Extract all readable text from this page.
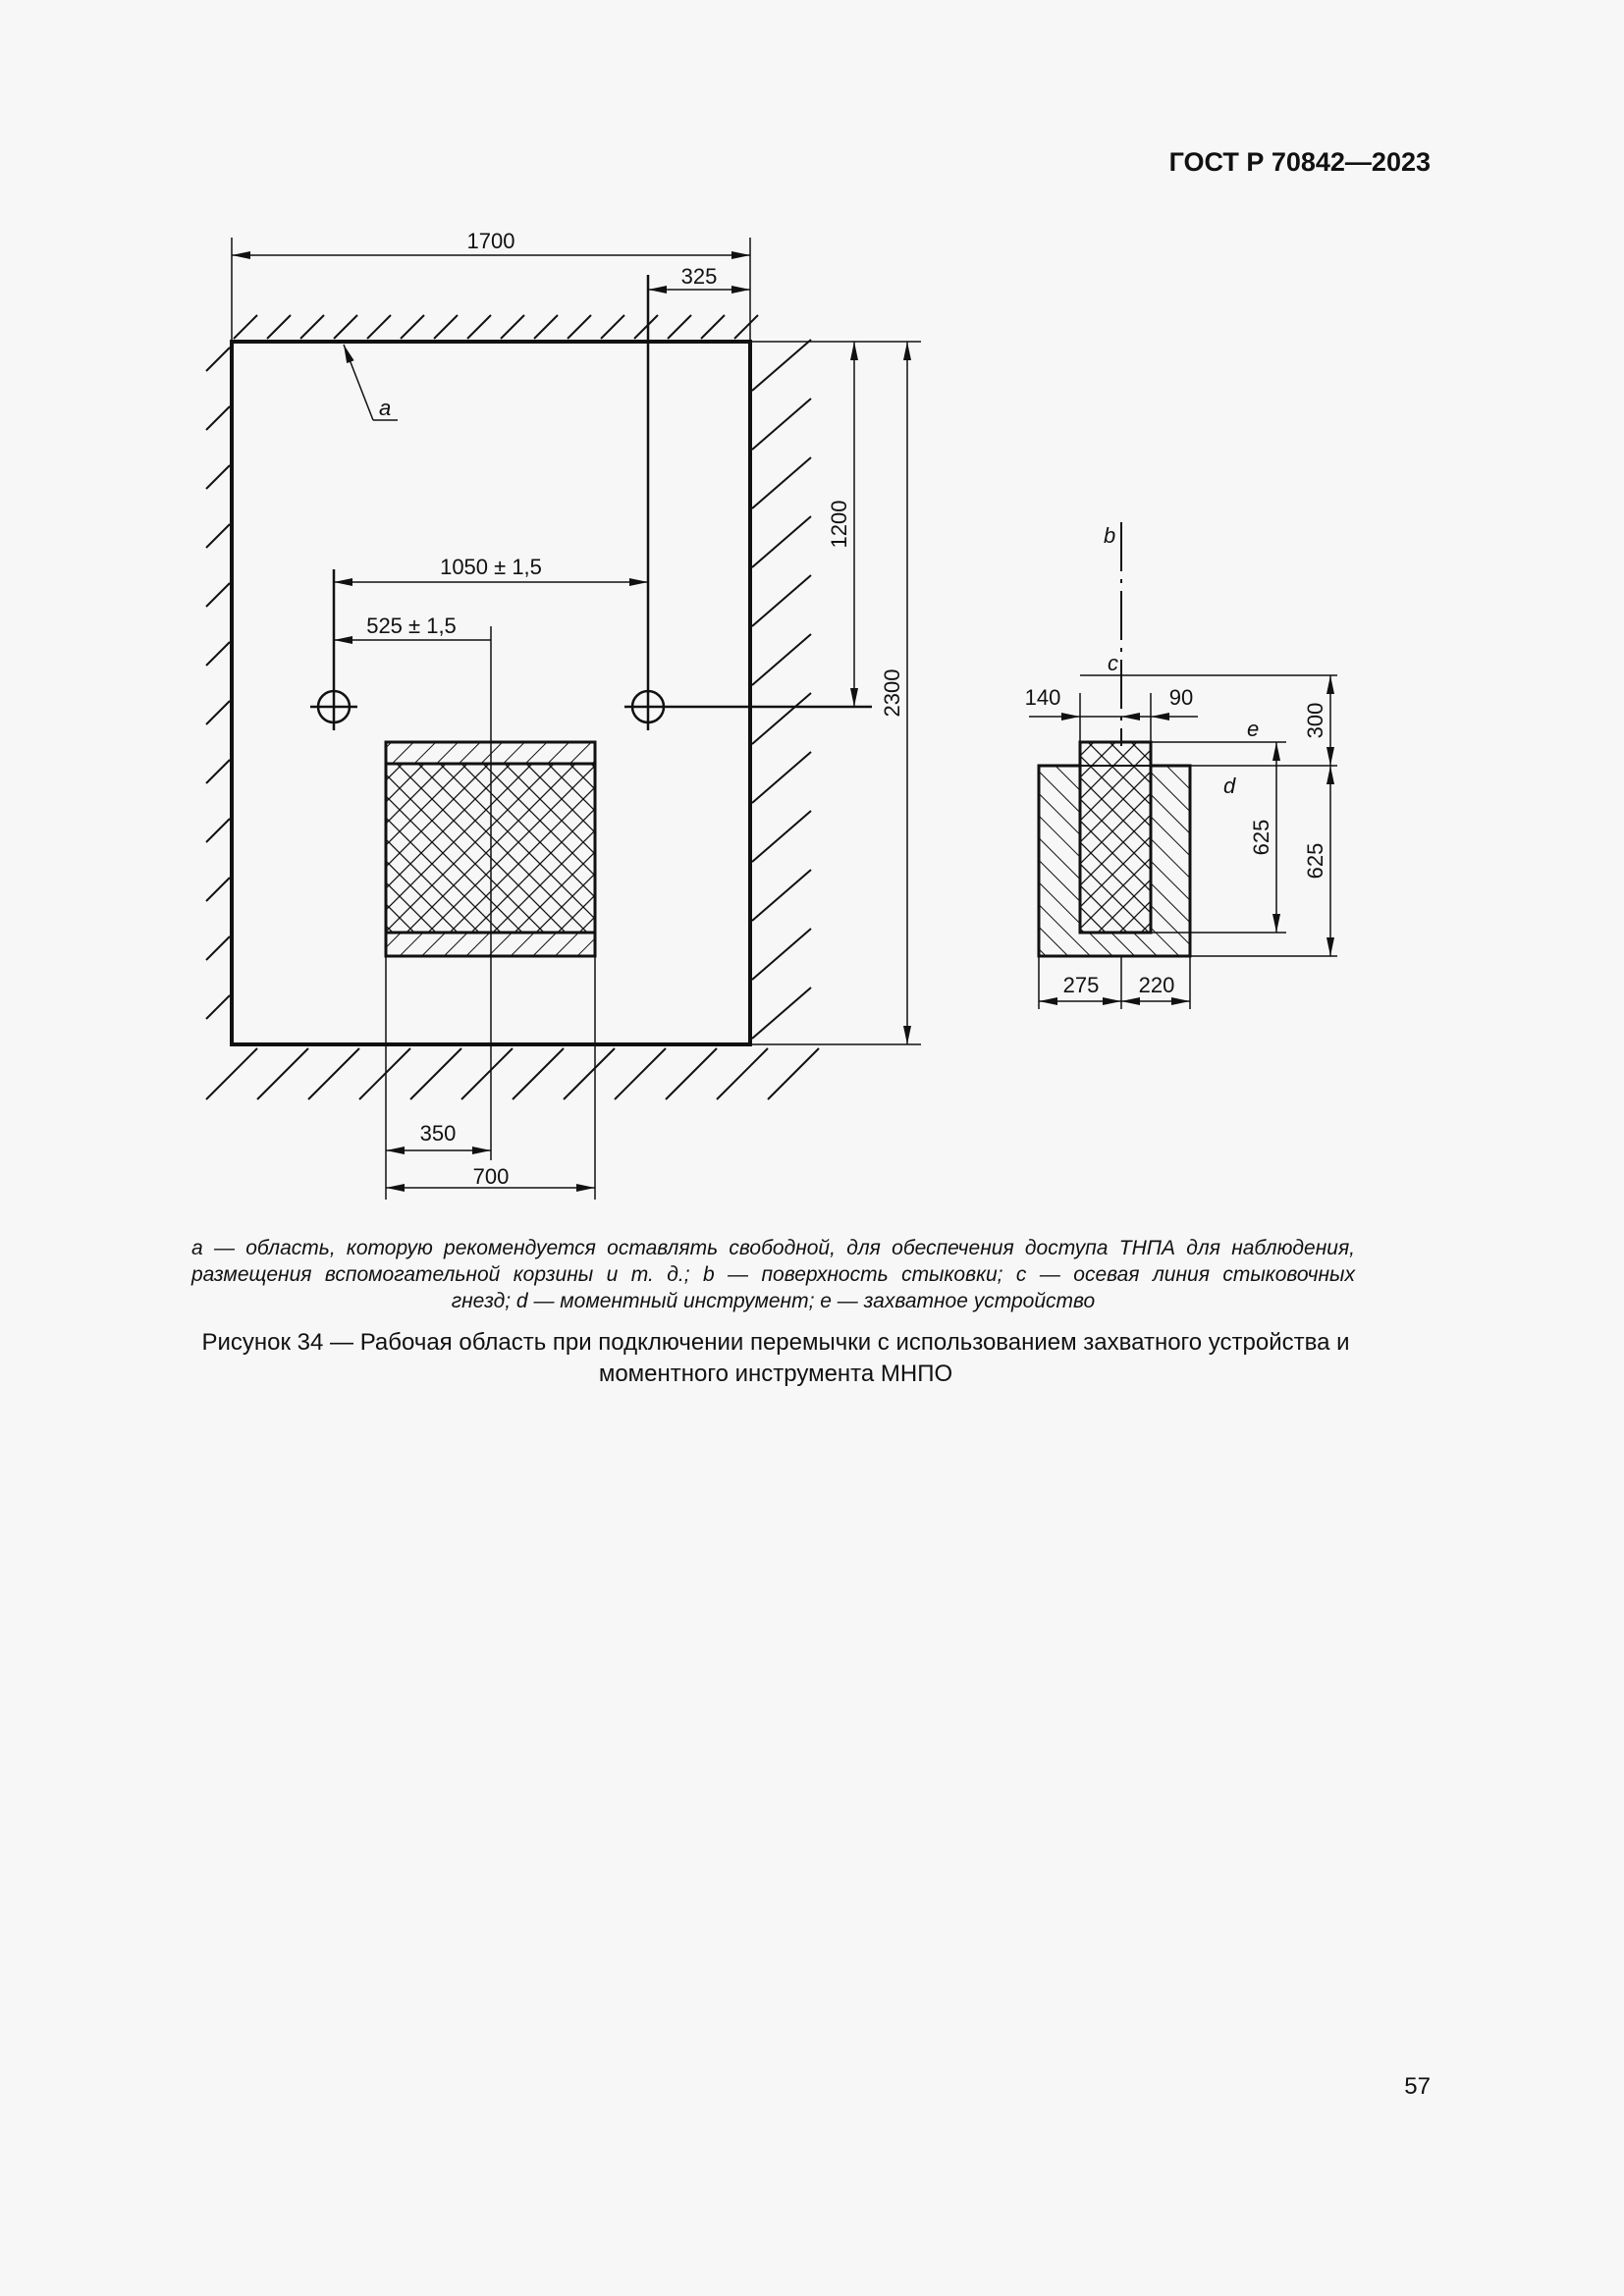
ГОСТ Р 70842—2023
1700
325
1050 ± 1,5
525 ± 1,5
1200
2300
350
700
a
b
c
e
d
140	90
300
625
625
275 220
a — область, которую рекомендуется оставлять свободной, для обеспечения доступа ТНПА для наблюдения,
размещения вспомогательной корзины и т. д.; b — поверхность стыковки; c — осевая линия стыковочных
гнезд; d — моментный инструмент; e — захватное устройство
Рисунок 34 — Рабочая область при подключении перемычки с использованием захватного устройства и
моментного инструмента МНПО
57
